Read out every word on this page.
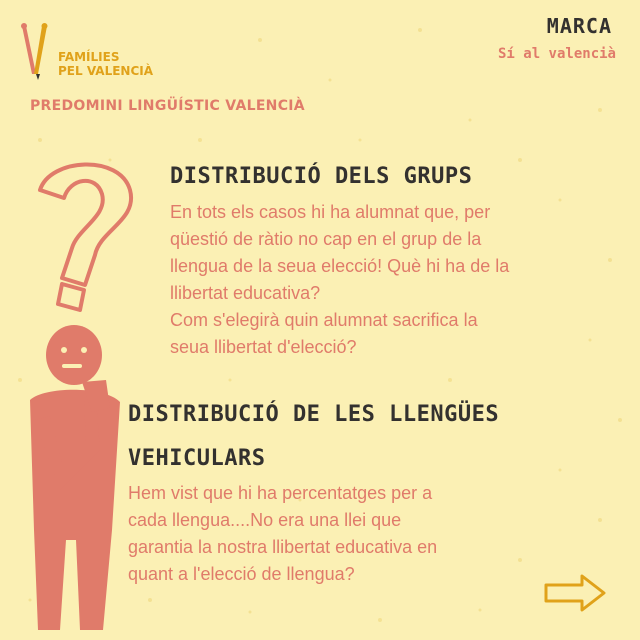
FAMÍLIES
PEL VALENCIÀ
MARCA
Sí al valencià
PREDOMINI LINGÜÍSTIC VALENCIÀ
DISTRIBUCIÓ DELS GRUPS
En tots els casos hi ha alumnat que, per
qüestió de ràtio no cap en el grup de la
llengua de la seua elecció! Què hi ha de la
llibertat educativa?
Com s'elegirà quin alumnat sacrifica la
seua llibertat d'elecció?
DISTRIBUCIÓ DE LES LLENGÜES
VEHICULARS
Hem vist que hi ha percentatges per a
cada llengua....No era una llei que
garantia la nostra llibertat educativa en
quant a l'elecció de llengua?
